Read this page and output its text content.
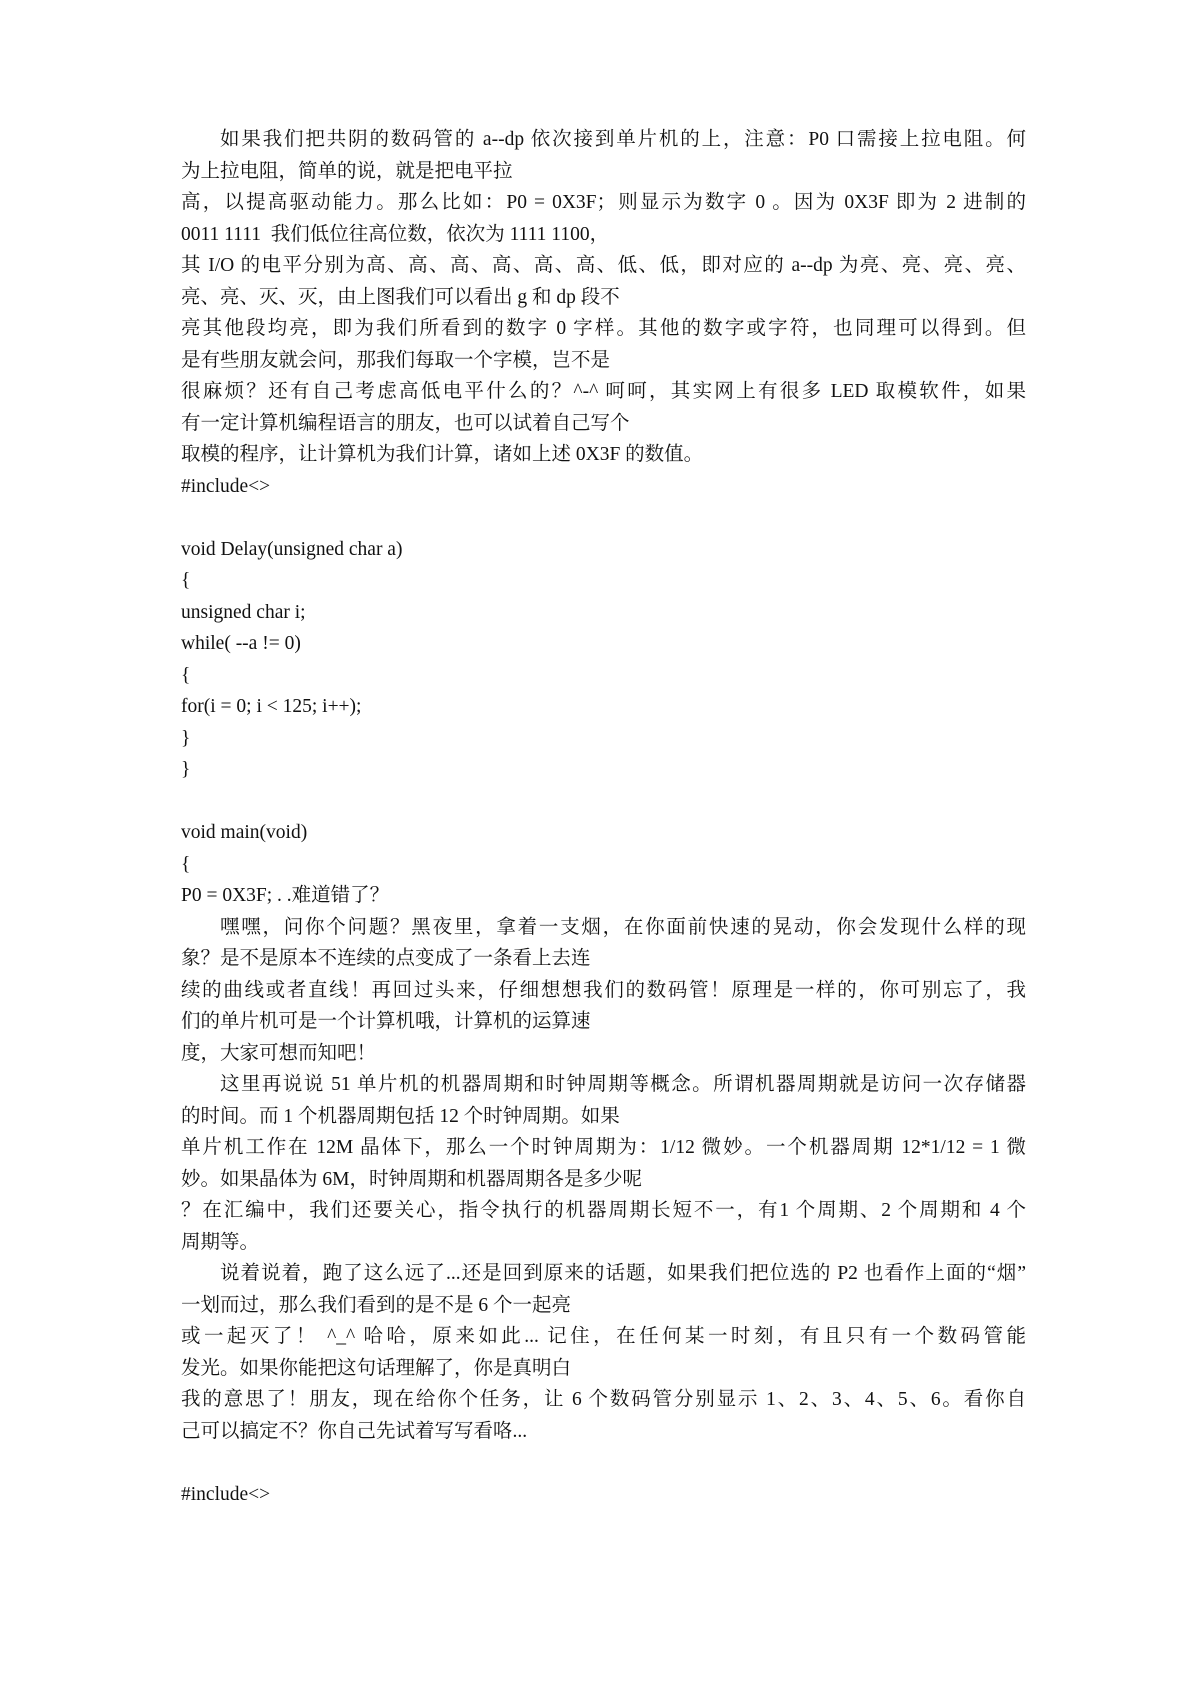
如果我们把共阴的数码管的 a--dp 依次接到单片机的上，注意：P0 口需接上拉电阻。何
为上拉电阻，简单的说，就是把电平拉
高，以提高驱动能力。那么比如：P0 = 0X3F；则显示为数字 0 。因为 0X3F 即为 2 进制的
0011 1111  我们低位往高位数，依次为 1111 1100，
其 I/O 的电平分别为高、高、高、高、高、高、低、低，即对应的 a--dp 为亮、亮、亮、亮、
亮、亮、灭、灭，由上图我们可以看出 g 和 dp 段不
亮其他段均亮，即为我们所看到的数字 0 字样。其他的数字或字符，也同理可以得到。但
是有些朋友就会问，那我们每取一个字模，岂不是
很麻烦？还有自己考虑高低电平什么的？^-^ 呵呵，其实网上有很多 LED 取模软件，如果
有一定计算机编程语言的朋友，也可以试着自己写个
取模的程序，让计算机为我们计算，诸如上述 0X3F 的数值。
#include<>
void Delay(unsigned char a)
{
unsigned char i;
while( --a != 0)
{
for(i = 0; i < 125; i++);
}
}
void main(void)
{
P0 = 0X3F; . .难道错了？
嘿嘿，问你个问题？黑夜里，拿着一支烟，在你面前快速的晃动，你会发现什么样的现
象？是不是原本不连续的点变成了一条看上去连
续的曲线或者直线！再回过头来，仔细想想我们的数码管！原理是一样的，你可别忘了，我
们的单片机可是一个计算机哦，计算机的运算速
度，大家可想而知吧！
这里再说说 51 单片机的机器周期和时钟周期等概念。所谓机器周期就是访问一次存储器
的时间。而 1 个机器周期包括 12 个时钟周期。如果
单片机工作在 12M 晶体下，那么一个时钟周期为：1/12 微妙。一个机器周期 12*1/12 = 1 微
妙。如果晶体为 6M，时钟周期和机器周期各是多少呢
？在汇编中，我们还要关心，指令执行的机器周期长短不一，有1 个周期、2 个周期和 4 个
周期等。
说着说着，跑了这么远了...还是回到原来的话题，如果我们把位选的 P2 也看作上面的“烟”
一划而过，那么我们看到的是不是 6 个一起亮
或一起灭了！ ^_^ 哈哈，原来如此... 记住，在任何某一时刻，有且只有一个数码管能
发光。如果你能把这句话理解了，你是真明白
我的意思了！朋友，现在给你个任务，让 6 个数码管分别显示 1、2、3、4、5、6。看你自
己可以搞定不？你自己先试着写写看咯...
#include<>
